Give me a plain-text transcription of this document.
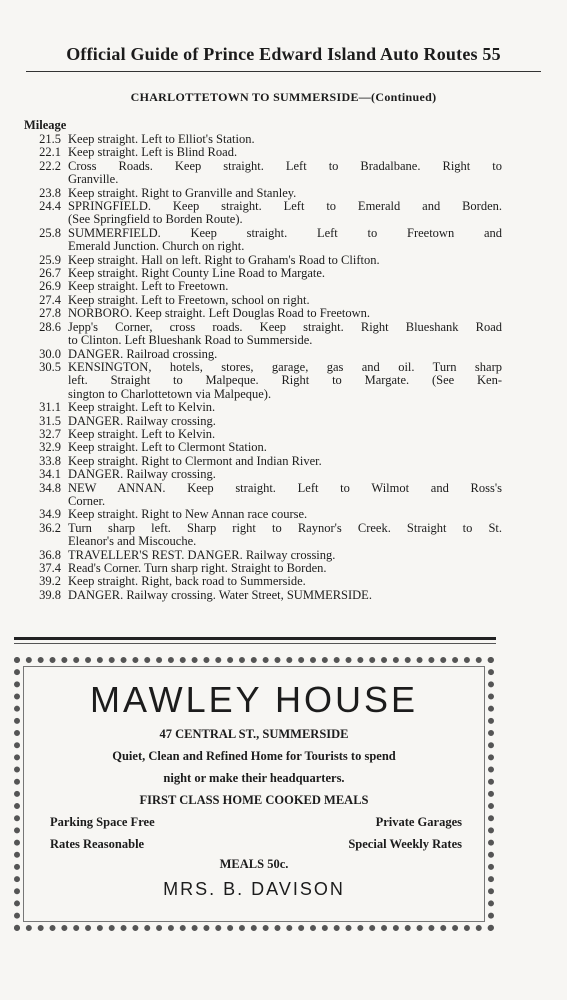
Official Guide of Prince Edward Island Auto Routes 55
CHARLOTTETOWN TO SUMMERSIDE—(Continued)
Mileage
21.5 Keep straight. Left to Elliot's Station.
22.1 Keep straight. Left is Blind Road.
22.2 Cross Roads. Keep straight. Left to Bradalbane. Right to
Granville.
23.8 Keep straight. Right to Granville and Stanley.
24.4 SPRINGFIELD. Keep straight. Left to Emerald and Borden.
(See Springfield to Borden Route).
25.8 SUMMERFIELD. Keep straight. Left to Freetown and
Emerald Junction. Church on right.
25.9 Keep straight. Hall on left. Right to Graham's Road to Clifton.
26.7 Keep straight. Right County Line Road to Margate.
26.9 Keep straight. Left to Freetown.
27.4 Keep straight. Left to Freetown, school on right.
27.8 NORBORO. Keep straight. Left Douglas Road to Freetown.
28.6 Jepp's Corner, cross roads. Keep straight. Right Blueshank Road
to Clinton. Left Blueshank Road to Summerside.
30.0 DANGER. Railroad crossing.
30.5 KENSINGTON, hotels, stores, garage, gas and oil. Turn sharp
left. Straight to Malpeque. Right to Margate. (See Ken-
sington to Charlottetown via Malpeque).
31.1 Keep straight. Left to Kelvin.
31.5 DANGER. Railway crossing.
32.7 Keep straight. Left to Kelvin.
32.9 Keep straight. Left to Clermont Station.
33.8 Keep straight. Right to Clermont and Indian River.
34.1 DANGER. Railway crossing.
34.8 NEW ANNAN. Keep straight. Left to Wilmot and Ross's
Corner.
34.9 Keep straight. Right to New Annan race course.
36.2 Turn sharp left. Sharp right to Raynor's Creek. Straight to St.
Eleanor's and Miscouche.
36.8 TRAVELLER'S REST. DANGER. Railway crossing.
37.4 Read's Corner. Turn sharp right. Straight to Borden.
39.2 Keep straight. Right, back road to Summerside.
39.8 DANGER. Railway crossing. Water Street, SUMMERSIDE.
MAWLEY HOUSE
47 CENTRAL ST., SUMMERSIDE
Quiet, Clean and Refined Home for Tourists to spend
night or make their headquarters.
FIRST CLASS HOME COOKED MEALS
Parking Space Free	Private Garages
Rates Reasonable	Special Weekly Rates
MEALS 50c.
MRS. B. DAVISON
